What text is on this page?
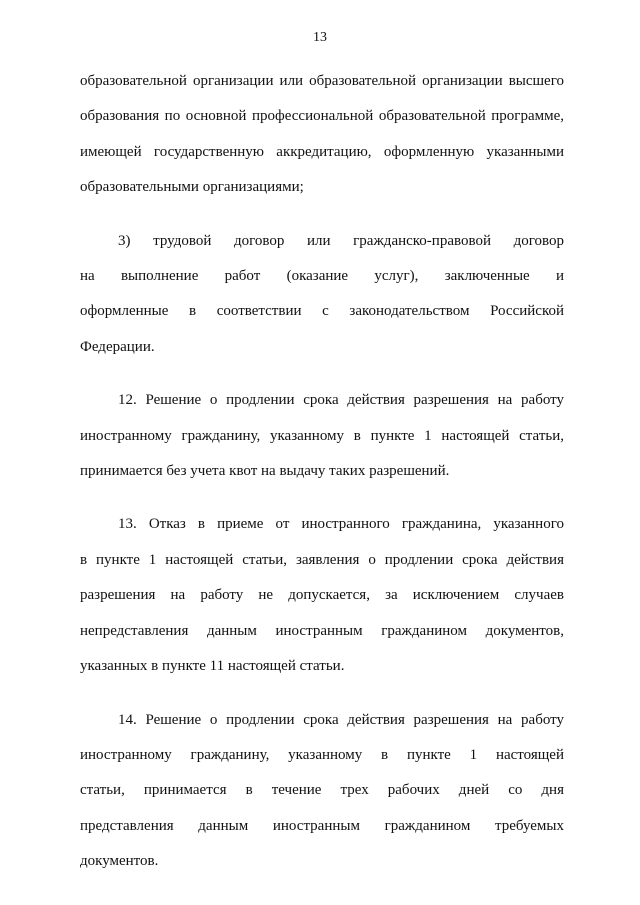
13

образовательной организации или образовательной организации высшего
образования по основной профессиональной образовательной программе,
имеющей государственную аккредитацию, оформленную указанными
образовательными организациями;

3) трудовой договор или гражданско-правовой договор
на выполнение работ (оказание услуг), заключенные и
оформленные в соответствии с законодательством Российской
Федерации.

12. Решение о продлении срока действия разрешения на работу
иностранному гражданину, указанному в пункте 1 настоящей статьи,
принимается без учета квот на выдачу таких разрешений.

13. Отказ в приеме от иностранного гражданина, указанного
в пункте 1 настоящей статьи, заявления о продлении срока действия
разрешения на работу не допускается, за исключением случаев
непредставления данным иностранным гражданином документов,
указанных в пункте 11 настоящей статьи.

14. Решение о продлении срока действия разрешения на работу
иностранному гражданину, указанному в пункте 1 настоящей
статьи, принимается в течение трех рабочих дней со дня
представления данным иностранным гражданином требуемых
документов.
